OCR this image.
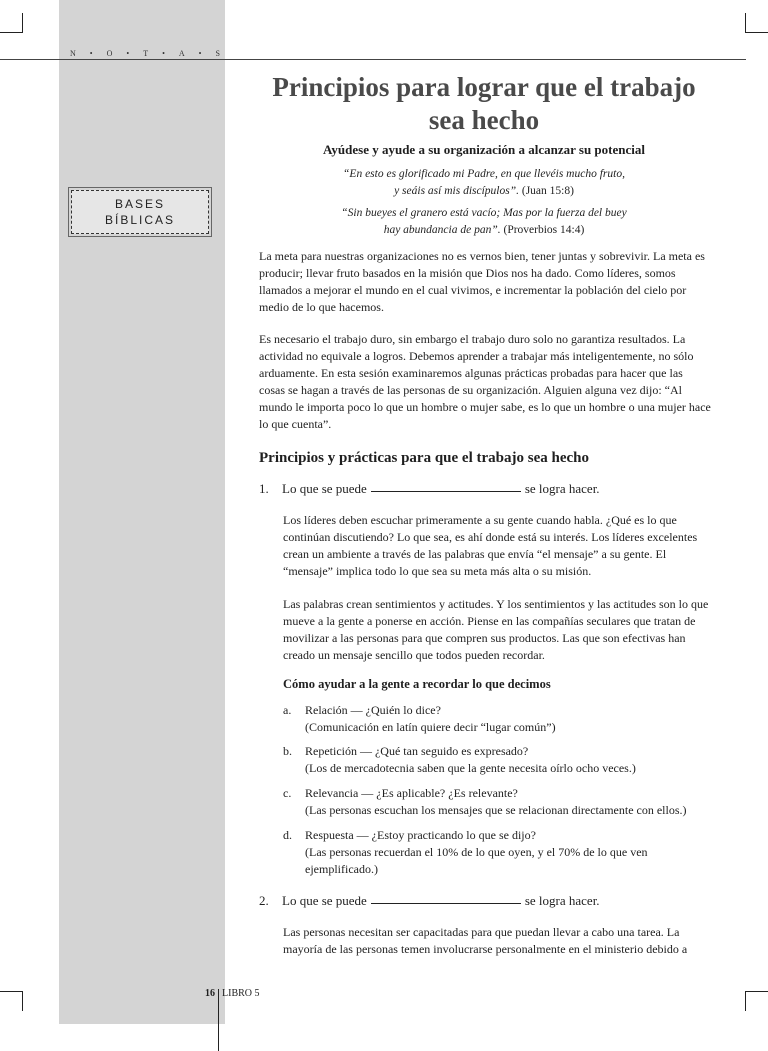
N • O • T • A • S
BASES
BÍBLICAS
Principios para lograr que el trabajo sea hecho
Ayúdese y ayude a su organización a alcanzar su potencial
“En esto es glorificado mi Padre, en que llevéis mucho fruto,
y seáis así mis discípulos”. (Juan 15:8)
“Sin bueyes el granero está vacío; Mas por la fuerza del buey
hay abundancia de pan”. (Proverbios 14:4)

La meta para nuestras organizaciones no es vernos bien, tener juntas y sobrevivir. La meta es producir; llevar fruto basados en la misión que Dios nos ha dado. Como líderes, somos llamados a mejorar el mundo en el cual vivimos, e incrementar la población del cielo por medio de lo que hacemos.

Es necesario el trabajo duro, sin embargo el trabajo duro solo no garantiza resultados. La actividad no equivale a logros. Debemos aprender a trabajar más inteligentemente, no sólo arduamente. En esta sesión examinaremos algunas prácticas probadas para hacer que las cosas se hagan a través de las personas de su organización. Alguien alguna vez dijo: “Al mundo le importa poco lo que un hombre o mujer sabe, es lo que un hombre o una mujer hace lo que cuenta”.

Principios y prácticas para que el trabajo sea hecho
1. Lo que se puede	se logra hacer.

Los líderes deben escuchar primeramente a su gente cuando habla. ¿Qué es lo que continúan discutiendo? Lo que sea, es ahí donde está su interés. Los líderes excelentes crean un ambiente a través de las palabras que envía “el mensaje” a su gente. El “mensaje” implica todo lo que sea su meta más alta o su misión.

Las palabras crean sentimientos y actitudes. Y los sentimientos y las actitudes son lo que mueve a la gente a ponerse en acción. Piense en las compañías seculares que tratan de movilizar a las personas para que compren sus productos. Las que son efectivas han creado un mensaje sencillo que todos pueden recordar.

Cómo ayudar a la gente a recordar lo que decimos
a.	Relación — ¿Quién lo dice?
(Comunicación en latín quiere decir “lugar común”)
b.	Repetición — ¿Qué tan seguido es expresado?
(Los de mercadotecnia saben que la gente necesita oírlo ocho veces.)
c.	Relevancia — ¿Es aplicable? ¿Es relevante?
(Las personas escuchan los mensajes que se relacionan directamente con ellos.)
d.	Respuesta — ¿Estoy practicando lo que se dijo?
(Las personas recuerdan el 10% de lo que oyen, y el 70% de lo que ven ejemplificado.)
2. Lo que se puede	se logra hacer.

Las personas necesitan ser capacitadas para que puedan llevar a cabo una tarea. La mayoría de las personas temen involucrarse personalmente en el ministerio debido a

16 LIBRO 5
